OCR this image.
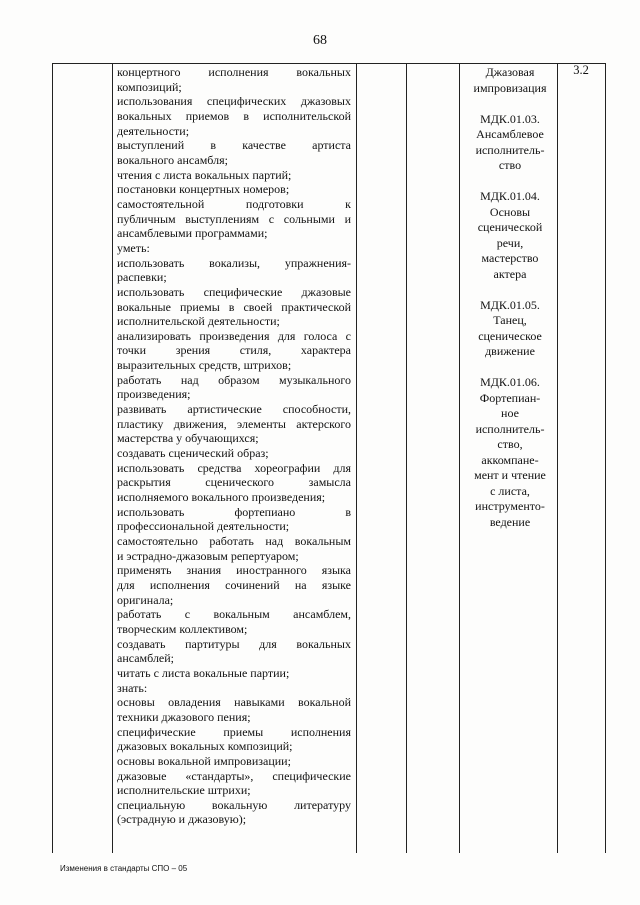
68
концертного исполнения вокальных
композиций;
использования специфических джазовых
вокальных приемов в исполнительской
деятельности;
выступлений в качестве артиста
вокального ансамбля;
чтения с листа вокальных партий;
постановки концертных номеров;
самостоятельной подготовки к
публичным выступлениям с сольными и
ансамблевыми программами;
уметь:
использовать вокализы, упражнения-
распевки;
использовать специфические джазовые
вокальные приемы в своей практической
исполнительской деятельности;
анализировать произведения для голоса с
точки зрения стиля, характера
выразительных средств, штрихов;
работать над образом музыкального
произведения;
развивать артистические способности,
пластику движения, элементы актерского
мастерства у обучающихся;
создавать сценический образ;
использовать средства хореографии для
раскрытия сценического замысла
исполняемого вокального произведения;
использовать фортепиано в
профессиональной деятельности;
самостоятельно работать над вокальным
и эстрадно-джазовым репертуаром;
применять знания иностранного языка
для исполнения сочинений на языке
оригинала;
работать с вокальным ансамблем,
творческим коллективом;
создавать партитуры для вокальных
ансамблей;
читать с листа вокальные партии;
знать:
основы овладения навыками вокальной
техники джазового пения;
специфические приемы исполнения
джазовых вокальных композиций;
основы вокальной импровизации;
джазовые «стандарты», специфические
исполнительские штрихи;
специальную вокальную литературу
(эстрадную и джазовую);
Джазовая
импровизация
МДК.01.03.
Ансамблевое
исполнитель-
ство
МДК.01.04.
Основы
сценической
речи,
мастерство
актера
МДК.01.05.
Танец,
сценическое
движение
МДК.01.06.
Фортепиан-
ное
исполнитель-
ство,
аккомпане-
мент и чтение
с листа,
инструменто-
ведение
3.2
Изменения в стандарты СПО – 05
